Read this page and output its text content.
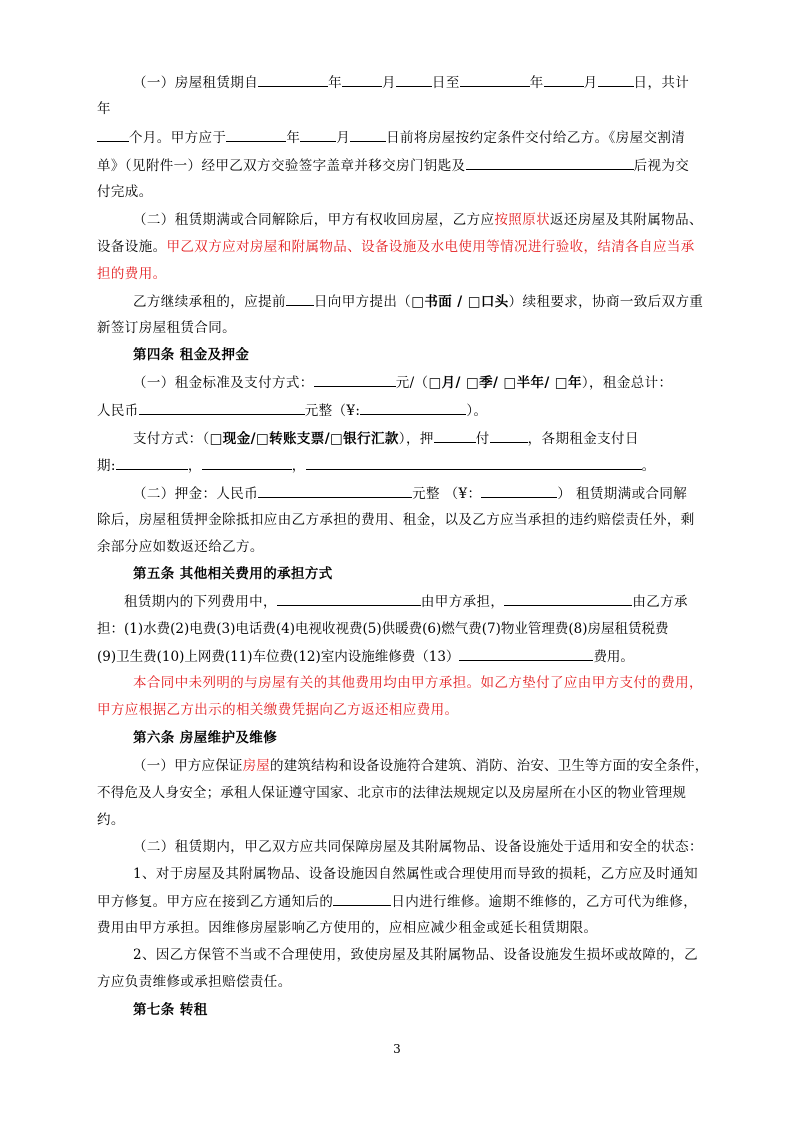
（一）房屋租赁期自	年	月	日至	年	月	日，共计
年
个月。甲方应于	年	月	日前将房屋按约定条件交付给乙方。《房屋交割清
单》（见附件一）经甲乙双方交验签字盖章并移交房门钥匙及	后视为交
付完成。
（二）租赁期满或合同解除后，甲方有权收回房屋，乙方应按照原状返还房屋及其附属物品、
设备设施。甲乙双方应对房屋和附属物品、设备设施及水电使用等情况进行验收，结清各自应当承
担的费用。
乙方继续承租的，应提前 日向甲方提出（□书面 / □口头）续租要求，协商一致后双方重
新签订房屋租赁合同。
第四条 租金及押金
（一）租金标准及支付方式：	元/（□月/ □季/ □半年/ □年），租金总计：
人民币	元整（¥:	）。
支付方式：（□现金/□转账支票/□银行汇款），押	付	，各期租金支付日
期:	，	，	。
（二）押金：人民币	元整 （¥：	） 租赁期满或合同解
除后，房屋租赁押金除抵扣应由乙方承担的费用、租金，以及乙方应当承担的违约赔偿责任外，剩
余部分应如数返还给乙方。
第五条 其他相关费用的承担方式
租赁期内的下列费用中，	由甲方承担，	由乙方承
担：(1)水费(2)电费(3)电话费(4)电视收视费(5)供暖费(6)燃气费(7)物业管理费(8)房屋租赁税费
(9)卫生费(10)上网费(11)车位费(12)室内设施维修费（13）	费用。
本合同中未列明的与房屋有关的其他费用均由甲方承担。如乙方垫付了应由甲方支付的费用，
甲方应根据乙方出示的相关缴费凭据向乙方返还相应费用。
第六条 房屋维护及维修
（一）甲方应保证房屋的建筑结构和设备设施符合建筑、消防、治安、卫生等方面的安全条件，
不得危及人身安全；承租人保证遵守国家、北京市的法律法规规定以及房屋所在小区的物业管理规
约。
（二）租赁期内，甲乙双方应共同保障房屋及其附属物品、设备设施处于适用和安全的状态：
1、对于房屋及其附属物品、设备设施因自然属性或合理使用而导致的损耗，乙方应及时通知
甲方修复。甲方应在接到乙方通知后的	日内进行维修。逾期不维修的，乙方可代为维修，
费用由甲方承担。因维修房屋影响乙方使用的，应相应减少租金或延长租赁期限。
2、因乙方保管不当或不合理使用，致使房屋及其附属物品、设备设施发生损坏或故障的，乙
方应负责维修或承担赔偿责任。
第七条 转租
3
